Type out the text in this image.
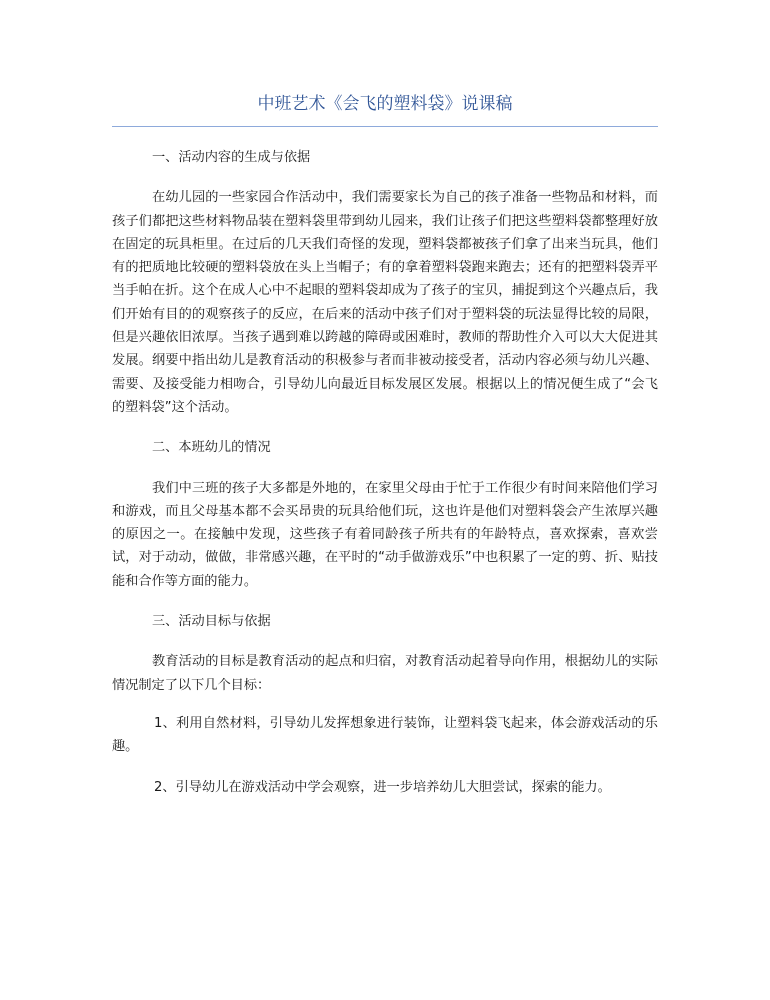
中班艺术《会飞的塑料袋》说课稿

一、活动内容的生成与依据

在幼儿园的一些家园合作活动中，我们需要家长为自己的孩子准备一些物品和材料，而孩子们都把这些材料物品装在塑料袋里带到幼儿园来，我们让孩子们把这些塑料袋都整理好放在固定的玩具柜里。在过后的几天我们奇怪的发现，塑料袋都被孩子们拿了出来当玩具，他们有的把质地比较硬的塑料袋放在头上当帽子；有的拿着塑料袋跑来跑去；还有的把塑料袋弄平当手帕在折。这个在成人心中不起眼的塑料袋却成为了孩子的宝贝，捕捉到这个兴趣点后，我们开始有目的的观察孩子的反应，在后来的活动中孩子们对于塑料袋的玩法显得比较的局限，但是兴趣依旧浓厚。当孩子遇到难以跨越的障碍或困难时，教师的帮助性介入可以大大促进其发展。纲要中指出幼儿是教育活动的积极参与者而非被动接受者，活动内容必须与幼儿兴趣、需要、及接受能力相吻合，引导幼儿向最近目标发展区发展。根据以上的情况便生成了“会飞的塑料袋”这个活动。

二、本班幼儿的情况

我们中三班的孩子大多都是外地的，在家里父母由于忙于工作很少有时间来陪他们学习和游戏，而且父母基本都不会买昂贵的玩具给他们玩，这也许是他们对塑料袋会产生浓厚兴趣的原因之一。在接触中发现，这些孩子有着同龄孩子所共有的年龄特点，喜欢探索，喜欢尝试，对于动动，做做，非常感兴趣，在平时的“动手做游戏乐”中也积累了一定的剪、折、贴技能和合作等方面的能力。

三、活动目标与依据

教育活动的目标是教育活动的起点和归宿，对教育活动起着导向作用，根据幼儿的实际情况制定了以下几个目标：

1、利用自然材料，引导幼儿发挥想象进行装饰，让塑料袋飞起来，体会游戏活动的乐趣。

2、引导幼儿在游戏活动中学会观察，进一步培养幼儿大胆尝试，探索的能力。
